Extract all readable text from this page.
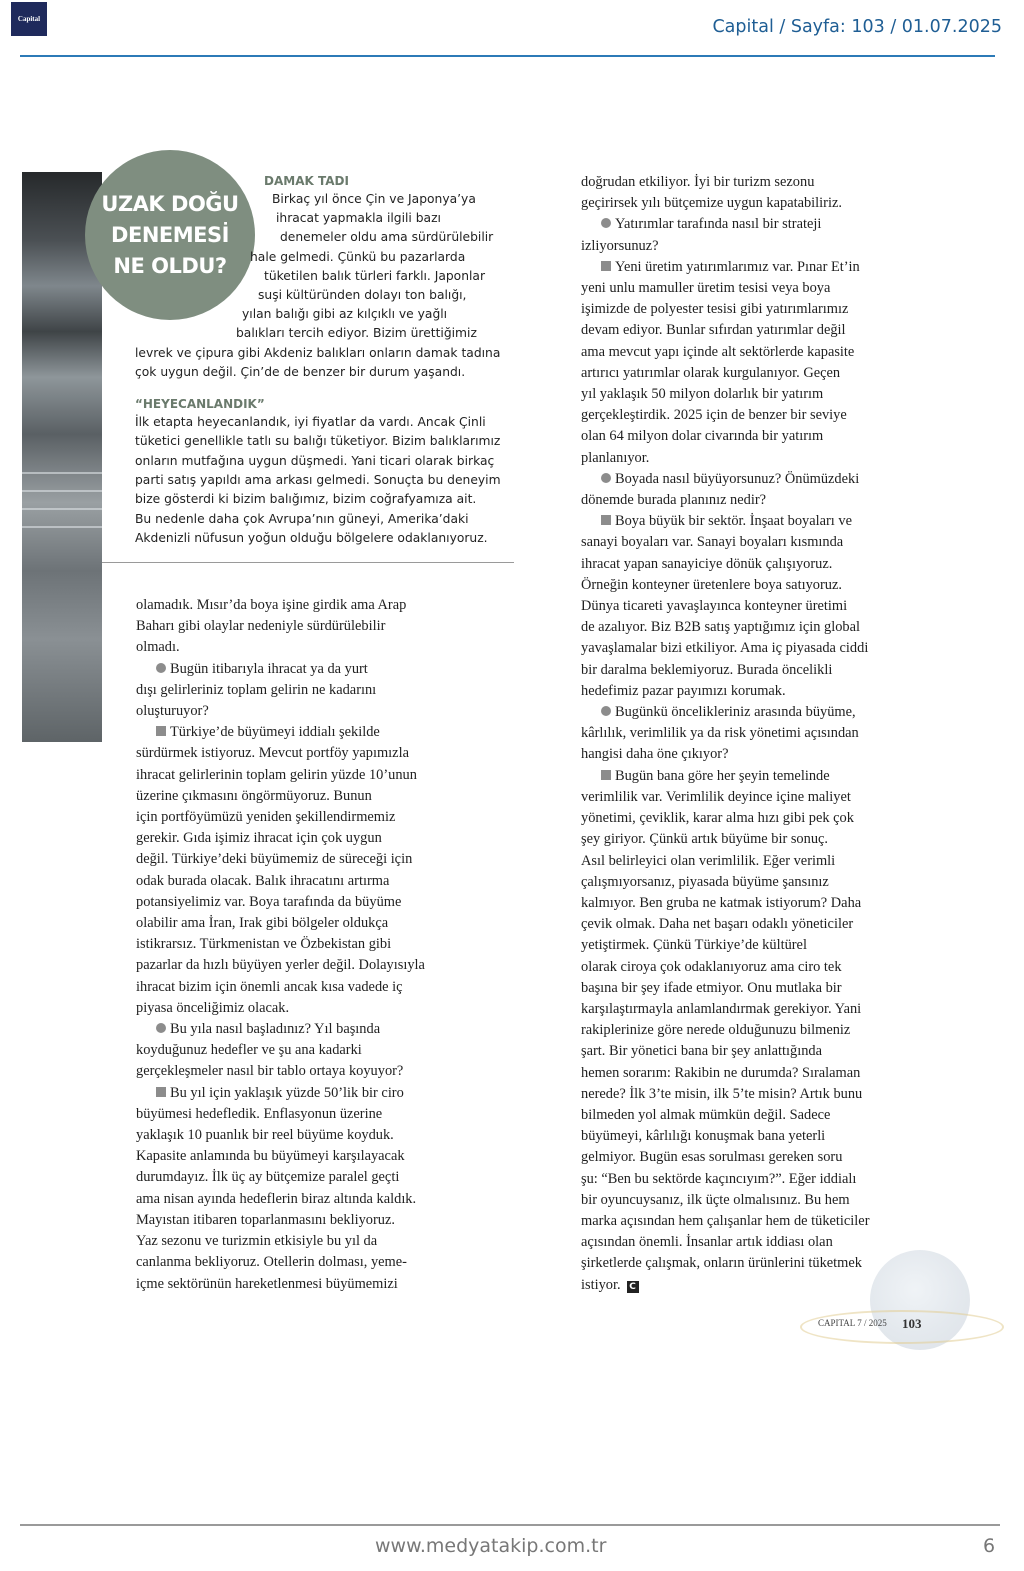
Capital	Capital / Sayfa: 103 / 01.07.2025
UZAK DOĞU
DENEMESİ
NE OLDU?
DAMAK TADI
Birkaç yıl önce Çin ve Japonya’ya
ihracat yapmakla ilgili bazı
denemeler oldu ama sürdürülebilir
hale gelmedi. Çünkü bu pazarlarda
tüketilen balık türleri farklı. Japonlar
suşi kültüründen dolayı ton balığı,
yılan balığı gibi az kılçıklı ve yağlı
balıkları tercih ediyor. Bizim ürettiğimiz
levrek ve çipura gibi Akdeniz balıkları onların damak tadına
çok uygun değil. Çin’de de benzer bir durum yaşandı.
“HEYECANLANDIK”
İlk etapta heyecanlandık, iyi fiyatlar da vardı. Ancak Çinli
tüketici genellikle tatlı su balığı tüketiyor. Bizim balıklarımız
onların mutfağına uygun düşmedi. Yani ticari olarak birkaç
parti satış yapıldı ama arkası gelmedi. Sonuçta bu deneyim
bize gösterdi ki bizim balığımız, bizim coğrafyamıza ait.
Bu nedenle daha çok Avrupa’nın güneyi, Amerika’daki
Akdenizli nüfusun yoğun olduğu bölgelere odaklanıyoruz.

olamadık. Mısır’da boya işine girdik ama Arap

Baharı gibi olaylar nedeniyle sürdürülebilir

olmadı.

Bugün itibarıyla ihracat ya da yurt

dışı gelirleriniz toplam gelirin ne kadarını

oluşturuyor?

Türkiye’de büyümeyi iddialı şekilde

sürdürmek istiyoruz. Mevcut portföy yapımızla

ihracat gelirlerinin toplam gelirin yüzde 10’unun

üzerine çıkmasını öngörmüyoruz. Bunun

için portföyümüzü yeniden şekillendirmemiz

gerekir. Gıda işimiz ihracat için çok uygun

değil. Türkiye’deki büyümemiz de süreceği için

odak burada olacak. Balık ihracatını artırma

potansiyelimiz var. Boya tarafında da büyüme

olabilir ama İran, Irak gibi bölgeler oldukça

istikrarsız. Türkmenistan ve Özbekistan gibi

pazarlar da hızlı büyüyen yerler değil. Dolayısıyla

ihracat bizim için önemli ancak kısa vadede iç

piyasa önceliğimiz olacak.

Bu yıla nasıl başladınız? Yıl başında

koyduğunuz hedefler ve şu ana kadarki

gerçekleşmeler nasıl bir tablo ortaya koyuyor?

Bu yıl için yaklaşık yüzde 50’lik bir ciro

büyümesi hedefledik. Enflasyonun üzerine

yaklaşık 10 puanlık bir reel büyüme koyduk.

Kapasite anlamında bu büyümeyi karşılayacak

durumdayız. İlk üç ay bütçemize paralel geçti

ama nisan ayında hedeflerin biraz altında kaldık.

Mayıstan itibaren toparlanmasını bekliyoruz.

Yaz sezonu ve turizmin etkisiyle bu yıl da

canlanma bekliyoruz. Otellerin dolması, yeme-

içme sektörünün hareketlenmesi büyümemizi

doğrudan etkiliyor. İyi bir turizm sezonu

geçirirsek yılı bütçemize uygun kapatabiliriz.

Yatırımlar tarafında nasıl bir strateji

izliyorsunuz?

Yeni üretim yatırımlarımız var. Pınar Et’in

yeni unlu mamuller üretim tesisi veya boya

işimizde de polyester tesisi gibi yatırımlarımız

devam ediyor. Bunlar sıfırdan yatırımlar değil

ama mevcut yapı içinde alt sektörlerde kapasite

artırıcı yatırımlar olarak kurgulanıyor. Geçen

yıl yaklaşık 50 milyon dolarlık bir yatırım

gerçekleştirdik. 2025 için de benzer bir seviye

olan 64 milyon dolar civarında bir yatırım

planlanıyor.

Boyada nasıl büyüyorsunuz? Önümüzdeki

dönemde burada planınız nedir?

Boya büyük bir sektör. İnşaat boyaları ve

sanayi boyaları var. Sanayi boyaları kısmında

ihracat yapan sanayiciye dönük çalışıyoruz.

Örneğin konteyner üretenlere boya satıyoruz.

Dünya ticareti yavaşlayınca konteyner üretimi

de azalıyor. Biz B2B satış yaptığımız için global

yavaşlamalar bizi etkiliyor. Ama iç piyasada ciddi

bir daralma beklemiyoruz. Burada öncelikli

hedefimiz pazar payımızı korumak.

Bugünkü öncelikleriniz arasında büyüme,

kârlılık, verimlilik ya da risk yönetimi açısından

hangisi daha öne çıkıyor?

Bugün bana göre her şeyin temelinde

verimlilik var. Verimlilik deyince içine maliyet

yönetimi, çeviklik, karar alma hızı gibi pek çok

şey giriyor. Çünkü artık büyüme bir sonuç.

Asıl belirleyici olan verimlilik. Eğer verimli

çalışmıyorsanız, piyasada büyüme şansınız

kalmıyor. Ben gruba ne katmak istiyorum? Daha

çevik olmak. Daha net başarı odaklı yöneticiler

yetiştirmek. Çünkü Türkiye’de kültürel

olarak ciroya çok odaklanıyoruz ama ciro tek

başına bir şey ifade etmiyor. Onu mutlaka bir

karşılaştırmayla anlamlandırmak gerekiyor. Yani

rakiplerinize göre nerede olduğunuzu bilmeniz

şart. Bir yönetici bana bir şey anlattığında

hemen sorarım: Rakibin ne durumda? Sıralaman

nerede? İlk 3’te misin, ilk 5’te misin? Artık bunu

bilmeden yol almak mümkün değil. Sadece

büyümeyi, kârlılığı konuşmak bana yeterli

gelmiyor. Bugün esas sorulması gereken soru

şu: “Ben bu sektörde kaçıncıyım?”. Eğer iddialı

bir oyuncuysanız, ilk üçte olmalısınız. Bu hem

marka açısından hem çalışanlar hem de tüketiciler

açısından önemli. İnsanlar artık iddiası olan

şirketlerde çalışmak, onların ürünlerini tüketmek

istiyor. C

CAPITAL 7 / 2025 103
www.medyatakip.com.tr	6
